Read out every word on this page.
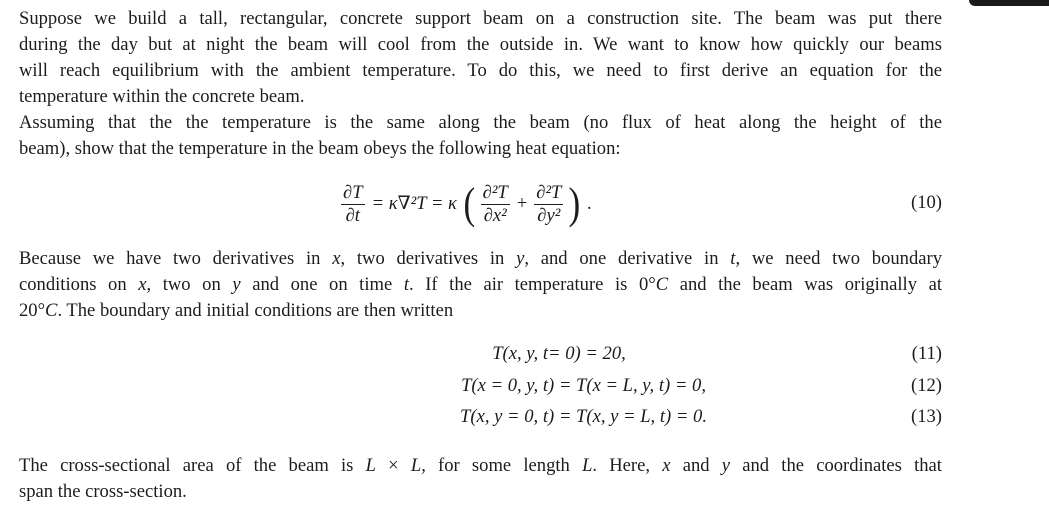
Suppose we build a tall, rectangular, concrete support beam on a construction site. The beam was put there
during the day but at night the beam will cool from the outside in. We want to know how quickly our beams
will reach equilibrium with the ambient temperature. To do this, we need to first derive an equation for the
temperature within the concrete beam.

Assuming that the the temperature is the same along the beam (no flux of heat along the height of the
beam), show that the temperature in the beam obeys the following heat equation:

$\frac{\partial T}{\partial t} = \kappa\nabla^2T = \kappa$ ( $\frac{\text{∂²T}}{\text{∂x²}} + \frac{\text{∂²T}}{\text{∂y²}}$ ) .	(10)

Because we have two derivatives in x, two derivatives in y, and one derivative in t, we need two boundary
conditions on x, two on y and one on time t. If the air temperature is 0°C and the beam was originally at
20°C. The boundary and initial conditions are then written

T(x, y, t = 0) = 20,	(11)
T(x = 0, y, t ) = T(x = L, y, t) = 0,	(12)
T(x, y = 0, t ) = T(x, y = L, t) = 0.	(13)

The cross-sectional area of the beam is L × L, for some length L. Here, x and y and the coordinates that
span the cross-section.
